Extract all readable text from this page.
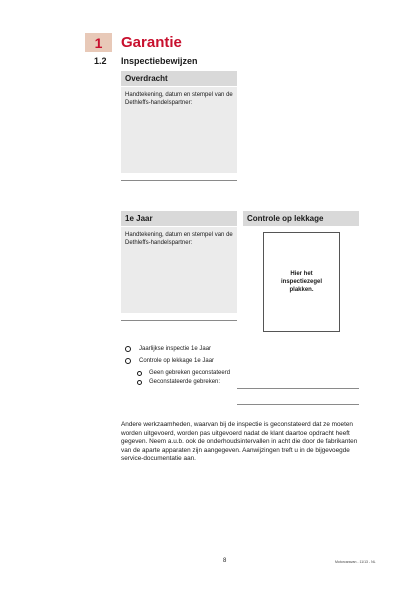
1	Garantie
1.2 Inspectiebewijzen
Overdracht
Handtekening, datum en stempel van de Dethleffs-handelspartner:
1e Jaar
Handtekening, datum en stempel van de Dethleffs-handelspartner:
Controle op lekkage
Hier het inspectiezegel plakken.
Jaarlijkse inspectie 1e Jaar
Controle op lekkage 1e Jaar
Geen gebreken geconstateerd
Geconstateerde gebreken:
Andere werkzaamheden, waarvan bij de inspectie is geconstateerd dat ze moeten worden uitgevoerd, worden pas uitgevoerd nadat de klant daartoe opdracht heeft gegeven. Neem a.u.b. ook de onderhoudsintervallen in acht die door de fabrikanten van de aparte apparaten zijn aangegeven. Aanwijzingen treft u in de bijgevoegde service-documentatie aan.
8	Motorcaravan - 11/13 - NL
